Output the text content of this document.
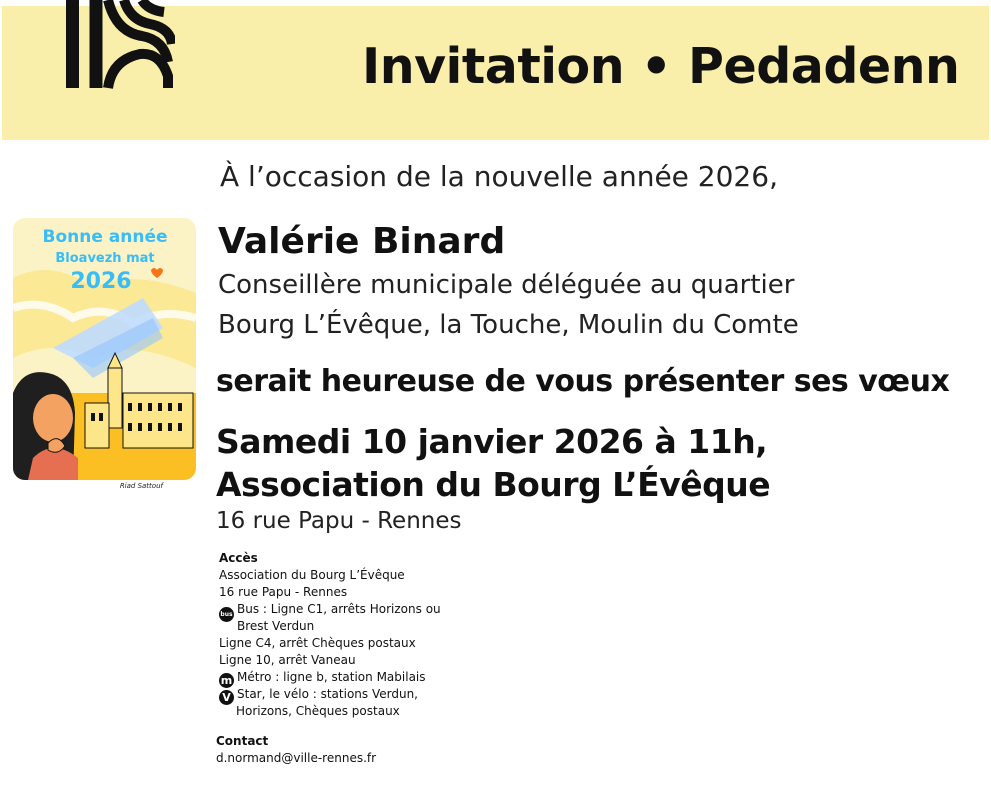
Invitation • Pedadenn
Bonne année
Bloavezh mat
2026
Riad Sattouf
À l’occasion de la nouvelle année 2026,
Valérie Binard
Conseillère municipale déléguée au quartier
Bourg L’Évêque, la Touche, Moulin du Comte
serait heureuse de vous présenter ses vœux
Samedi 10 janvier 2026 à 11h,
Association du Bourg L’Évêque
16 rue Papu - Rennes
Accès
Association du Bourg L’Évêque
16 rue Papu - Rennes
bus Bus : Ligne C1, arrêts Horizons ou
Brest Verdun
Ligne C4, arrêt Chèques postaux
Ligne 10, arrêt Vaneau
m Métro : ligne b, station Mabilais
V Star, le vélo : stations Verdun,
Horizons, Chèques postaux
Contact
d.normand@ville-rennes.fr
